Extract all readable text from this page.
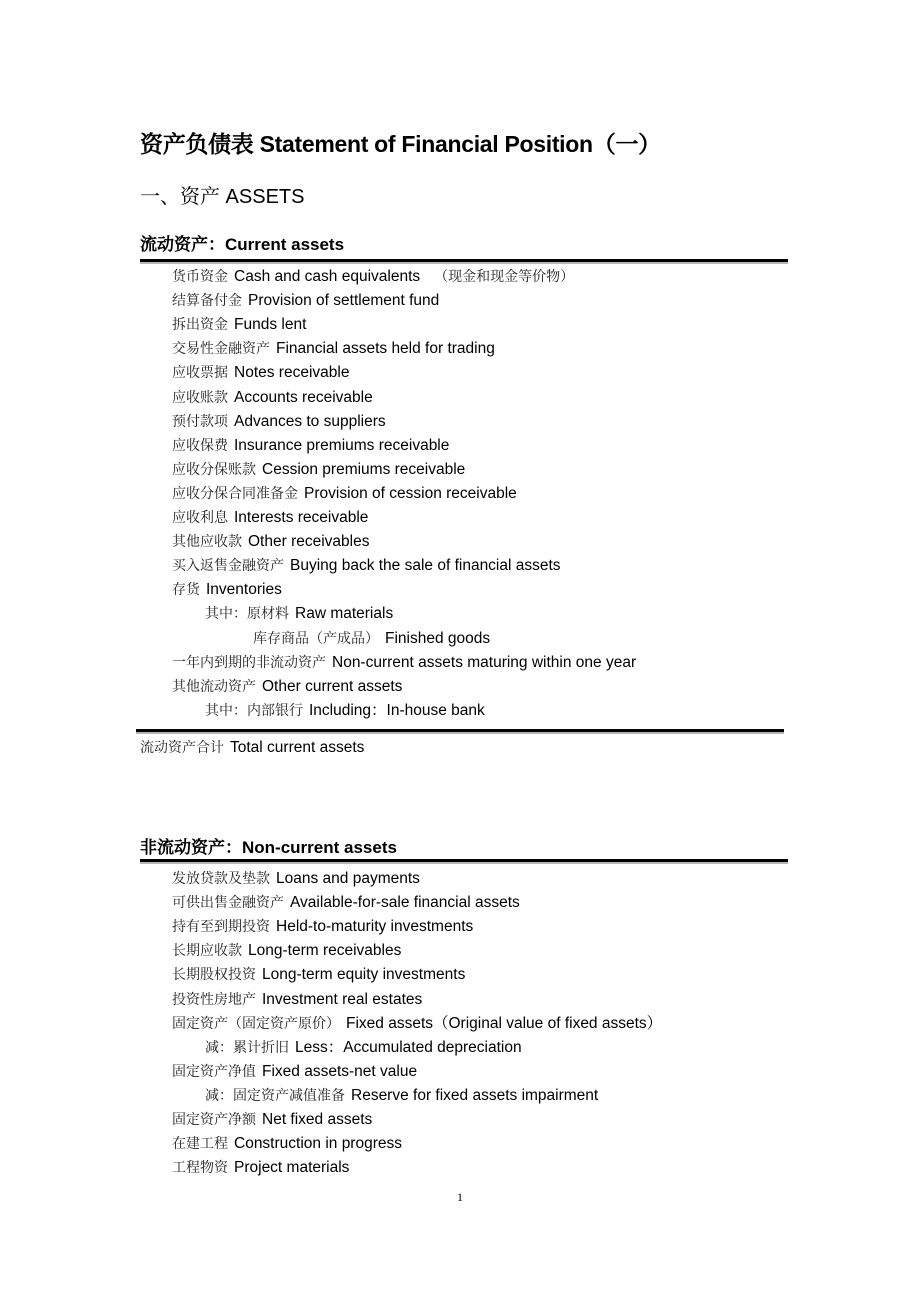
资产负债表 Statement of Financial Position（一）
一、资产 ASSETS
流动资产：Current assets
货币资金 Cash and cash equivalents （现金和现金等价物）
结算备付金 Provision of settlement fund
拆出资金 Funds lent
交易性金融资产 Financial assets held for trading
应收票据 Notes receivable
应收账款 Accounts receivable
预付款项 Advances to suppliers
应收保费 Insurance premiums receivable
应收分保账款 Cession premiums receivable
应收分保合同准备金 Provision of cession receivable
应收利息 Interests receivable
其他应收款 Other receivables
买入返售金融资产 Buying back the sale of financial assets
存货 Inventories
其中：原材料 Raw materials
库存商品（产成品） Finished goods
一年内到期的非流动资产 Non-current assets maturing within one year
其他流动资产 Other current assets
其中：内部银行 Including：In-house bank
流动资产合计 Total current assets
非流动资产：Non-current assets
发放贷款及垫款 Loans and payments
可供出售金融资产 Available-for-sale financial assets
持有至到期投资 Held-to-maturity investments
长期应收款 Long-term receivables
长期股权投资 Long-term equity investments
投资性房地产 Investment real estates
固定资产（固定资产原价） Fixed assets（Original value of fixed assets）
减：累计折旧 Less：Accumulated depreciation
固定资产净值 Fixed assets-net value
减：固定资产减值准备 Reserve for fixed assets impairment
固定资产净额 Net fixed assets
在建工程 Construction in progress
工程物资 Project materials
1
